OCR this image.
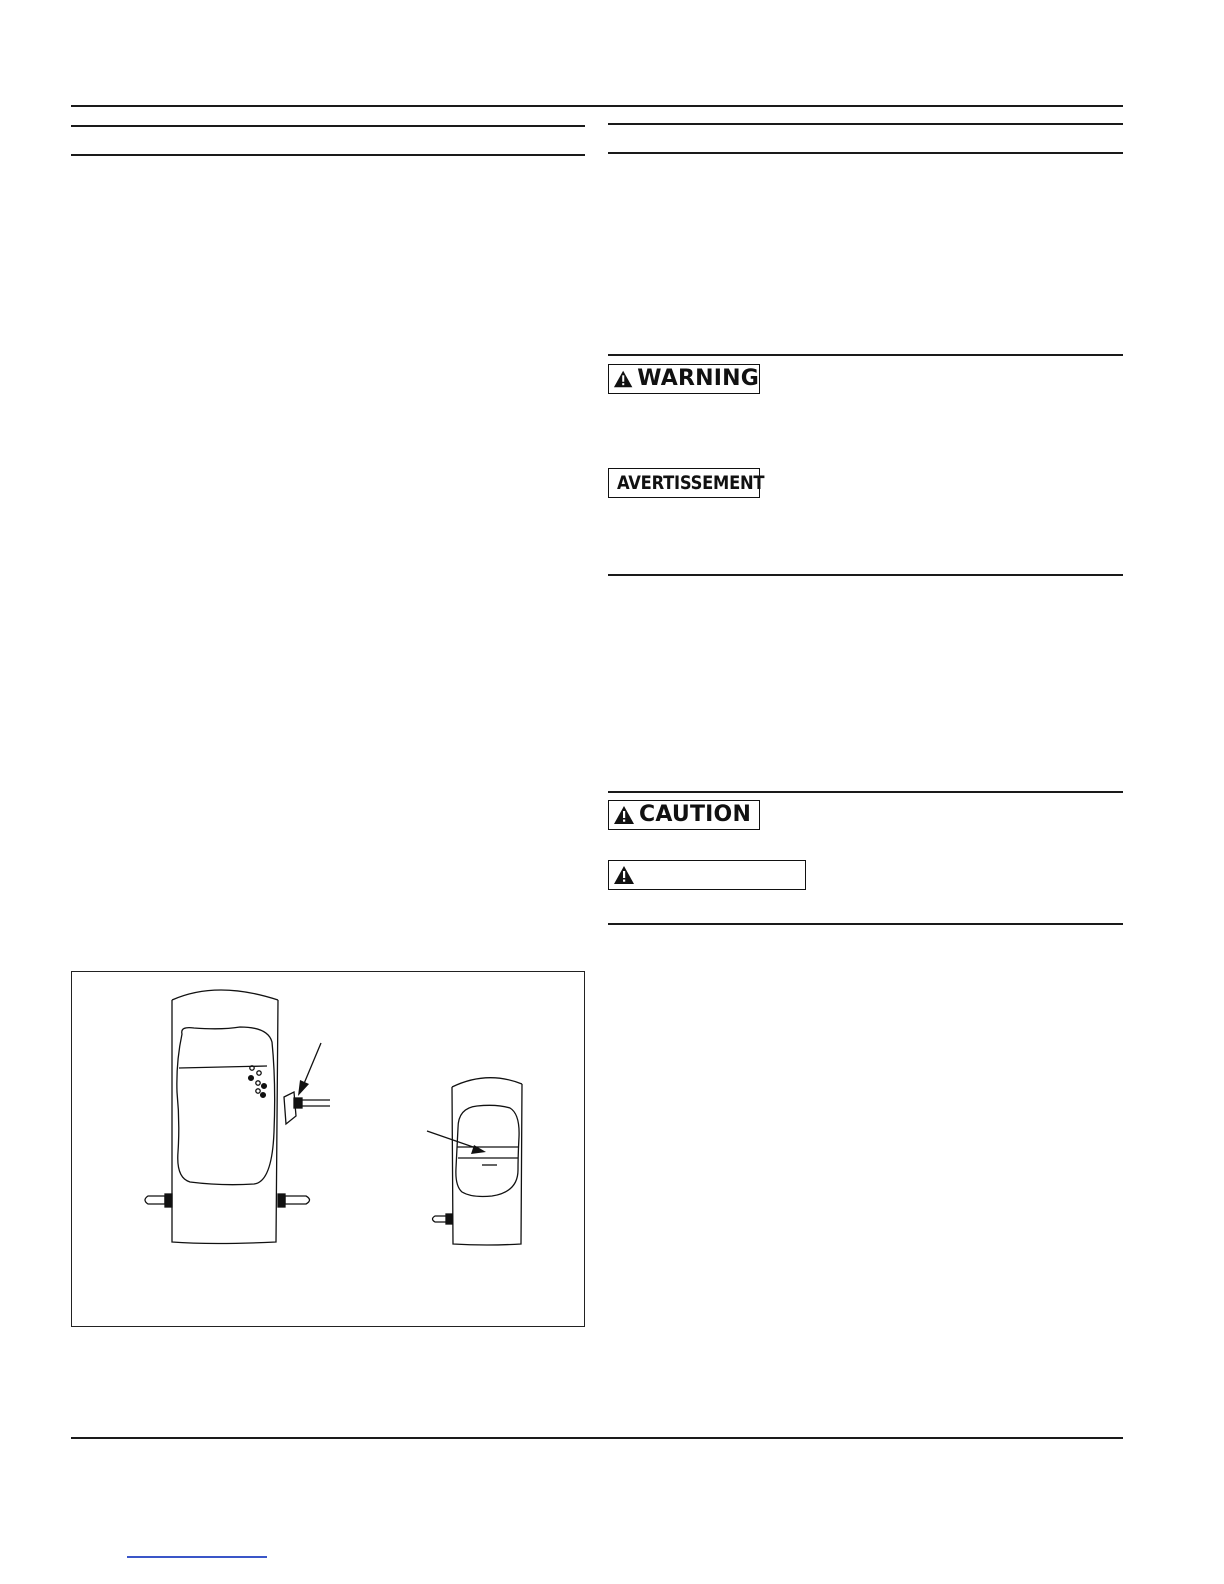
WARNING
AVERTISSEMENT
CAUTION
